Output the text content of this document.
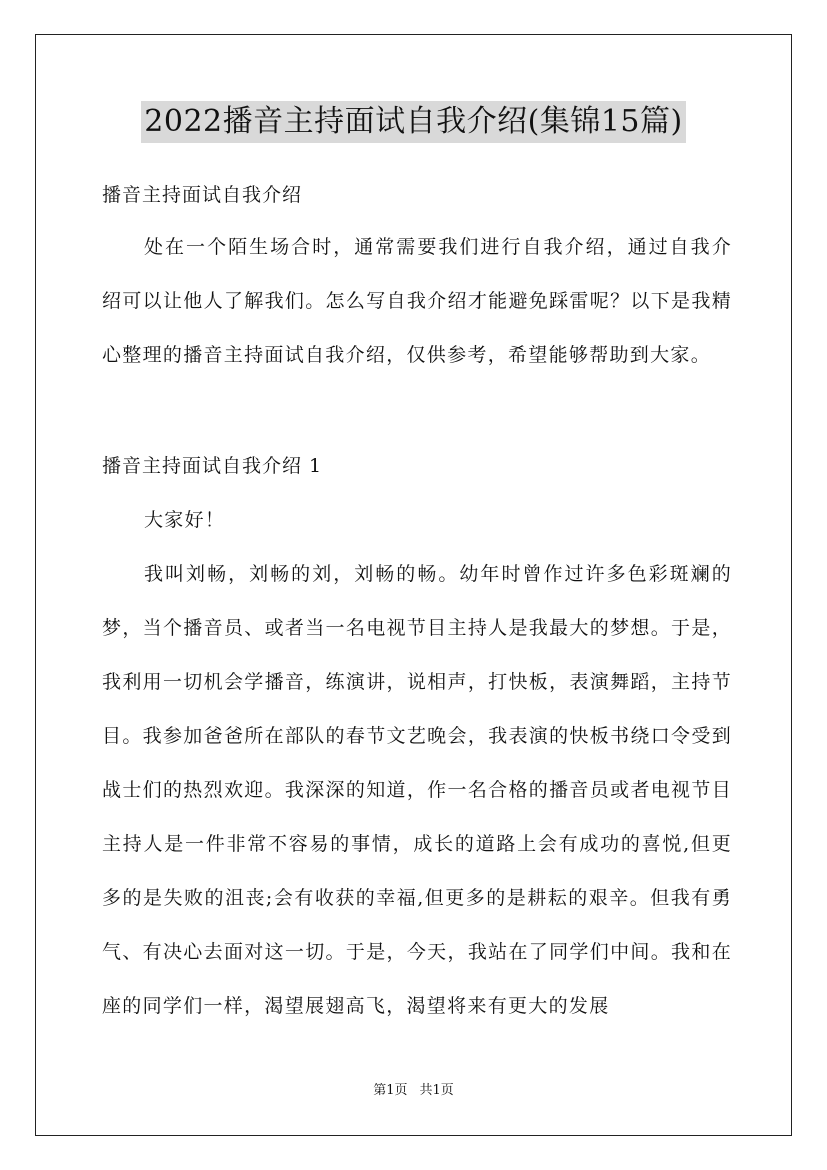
2022播音主持面试自我介绍(集锦15篇)
播音主持面试自我介绍

处在一个陌生场合时，通常需要我们进行自我介绍，通过自我介绍可以让他人了解我们。怎么写自我介绍才能避免踩雷呢？以下是我精心整理的播音主持面试自我介绍，仅供参考，希望能够帮助到大家。

播音主持面试自我介绍 1

大家好！

我叫刘畅，刘畅的刘，刘畅的畅。幼年时曾作过许多色彩斑斓的梦，当个播音员、或者当一名电视节目主持人是我最大的梦想。于是，我利用一切机会学播音，练演讲，说相声，打快板，表演舞蹈，主持节目。我参加爸爸所在部队的春节文艺晚会，我表演的快板书绕口令受到战士们的热烈欢迎。我深深的知道，作一名合格的播音员或者电视节目主持人是一件非常不容易的事情，成长的道路上会有成功的喜悦,但更多的是失败的沮丧;会有收获的幸福,但更多的是耕耘的艰辛。但我有勇气、有决心去面对这一切。于是，今天，我站在了同学们中间。我和在座的同学们一样，渴望展翅高飞，渴望将来有更大的发展

第1页 共1页
